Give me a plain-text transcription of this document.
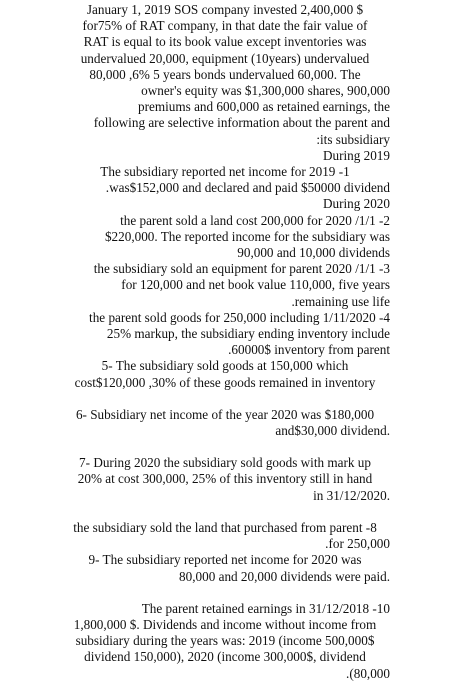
January 1, 2019 SOS company invested 2,400,000 $
for75% of RAT company, in that date the fair value of
RAT is equal to its book value except inventories was
undervalued 20,000, equipment (10years) undervalued
80,000 ,6% 5 years bonds undervalued 60,000. The
owner's equity was $1,300,000 shares, 900,000
premiums and 600,000 as retained earnings, the
following are selective information about the parent and
:its subsidiary
During 2019
The subsidiary reported net income for 2019 -1
.was$152,000 and declared and paid $50000 dividend
During 2020
the parent sold a land cost 200,000 for 2020 /1/1 -2
$220,000. The reported income for the subsidiary was
90,000 and 10,000 dividends
the subsidiary sold an equipment for parent 2020 /1/1 -3
for 120,000 and net book value 110,000, five years
.remaining use life
the parent sold goods for 250,000 including 1/11/2020 -4
25% markup, the subsidiary ending inventory include
.60000$ inventory from parent
5- The subsidiary sold goods at 150,000 which
cost$120,000 ,30% of these goods remained in inventory
6- Subsidiary net income of the year 2020 was $180,000
and$30,000 dividend.
7- During 2020 the subsidiary sold goods with mark up
20% at cost 300,000, 25% of this inventory still in hand
in 31/12/2020.
the subsidiary sold the land that purchased from parent -8
.for 250,000
9- The subsidiary reported net income for 2020 was
80,000 and 20,000 dividends were paid.
The parent retained earnings in 31/12/2018 -10
1,800,000 $. Dividends and income without income from
subsidiary during the years was: 2019 (income 500,000$
dividend 150,000), 2020 (income 300,000$, dividend
.(80,000
